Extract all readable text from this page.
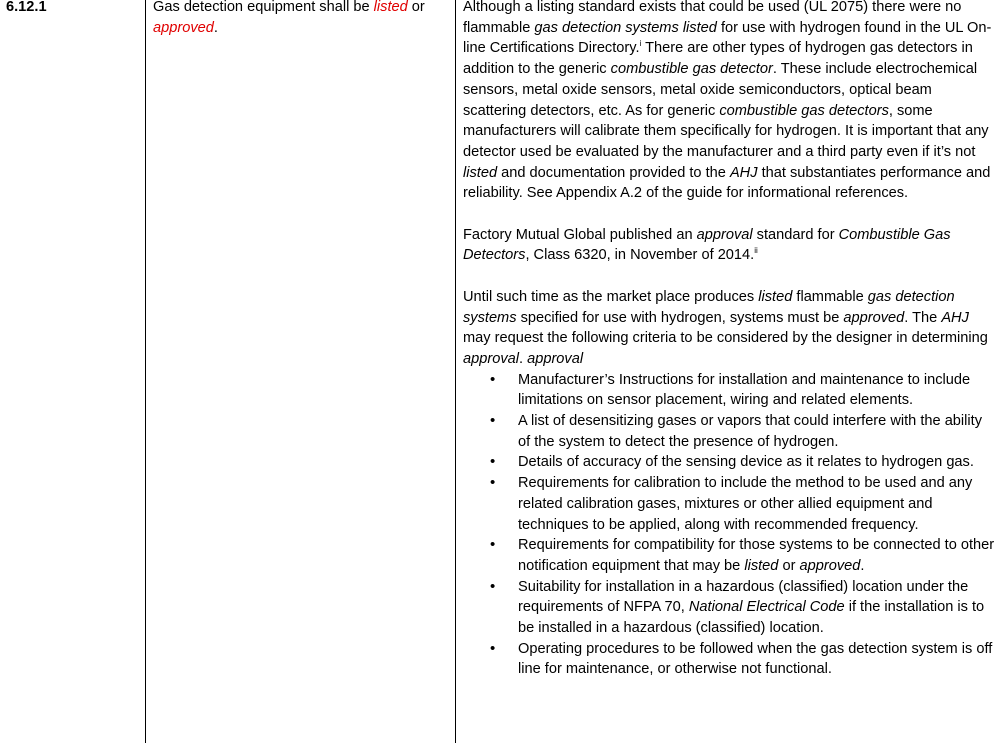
6.12.1	Gas detection equipment shall be listed or approved.

Although a listing standard exists that could be used (UL 2075) there were no flammable gas detection systems listed for use with hydrogen found in the UL On-line Certifications Directory.$^i$ There are other types of hydrogen gas detectors in addition to the generic combustible gas detector. These include electrochemical sensors, metal oxide sensors, metal oxide semiconductors, optical beam scattering detectors, etc. As for generic combustible gas detectors, some manufacturers will calibrate them specifically for hydrogen. It is important that any detector used be evaluated by the manufacturer and a third party even if it’s not listed and documentation provided to the AHJ that substantiates performance and reliability. See Appendix A.2 of the guide for informational references.

Factory Mutual Global published an approval standard for Combustible Gas Detectors, Class 6320, in November of 2014.$^{ii}$

Until such time as the market place produces listed flammable gas detection systems specified for use with hydrogen, systems must be approved. The AHJ may request the following criteria to be considered by the designer in determining approval. approval

• Manufacturer’s Instructions for installation and maintenance to include limitations on sensor placement, wiring and related elements.
• A list of desensitizing gases or vapors that could interfere with the ability of the system to detect the presence of hydrogen.
• Details of accuracy of the sensing device as it relates to hydrogen gas.
• Requirements for calibration to include the method to be used and any related calibration gases, mixtures or other allied equipment and techniques to be applied, along with recommended frequency.
• Requirements for compatibility for those systems to be connected to other notification equipment that may be listed or approved.
• Suitability for installation in a hazardous (classified) location under the requirements of NFPA 70, National Electrical Code if the installation is to be installed in a hazardous (classified) location.
• Operating procedures to be followed when the gas detection system is off line for maintenance, or otherwise not functional.
